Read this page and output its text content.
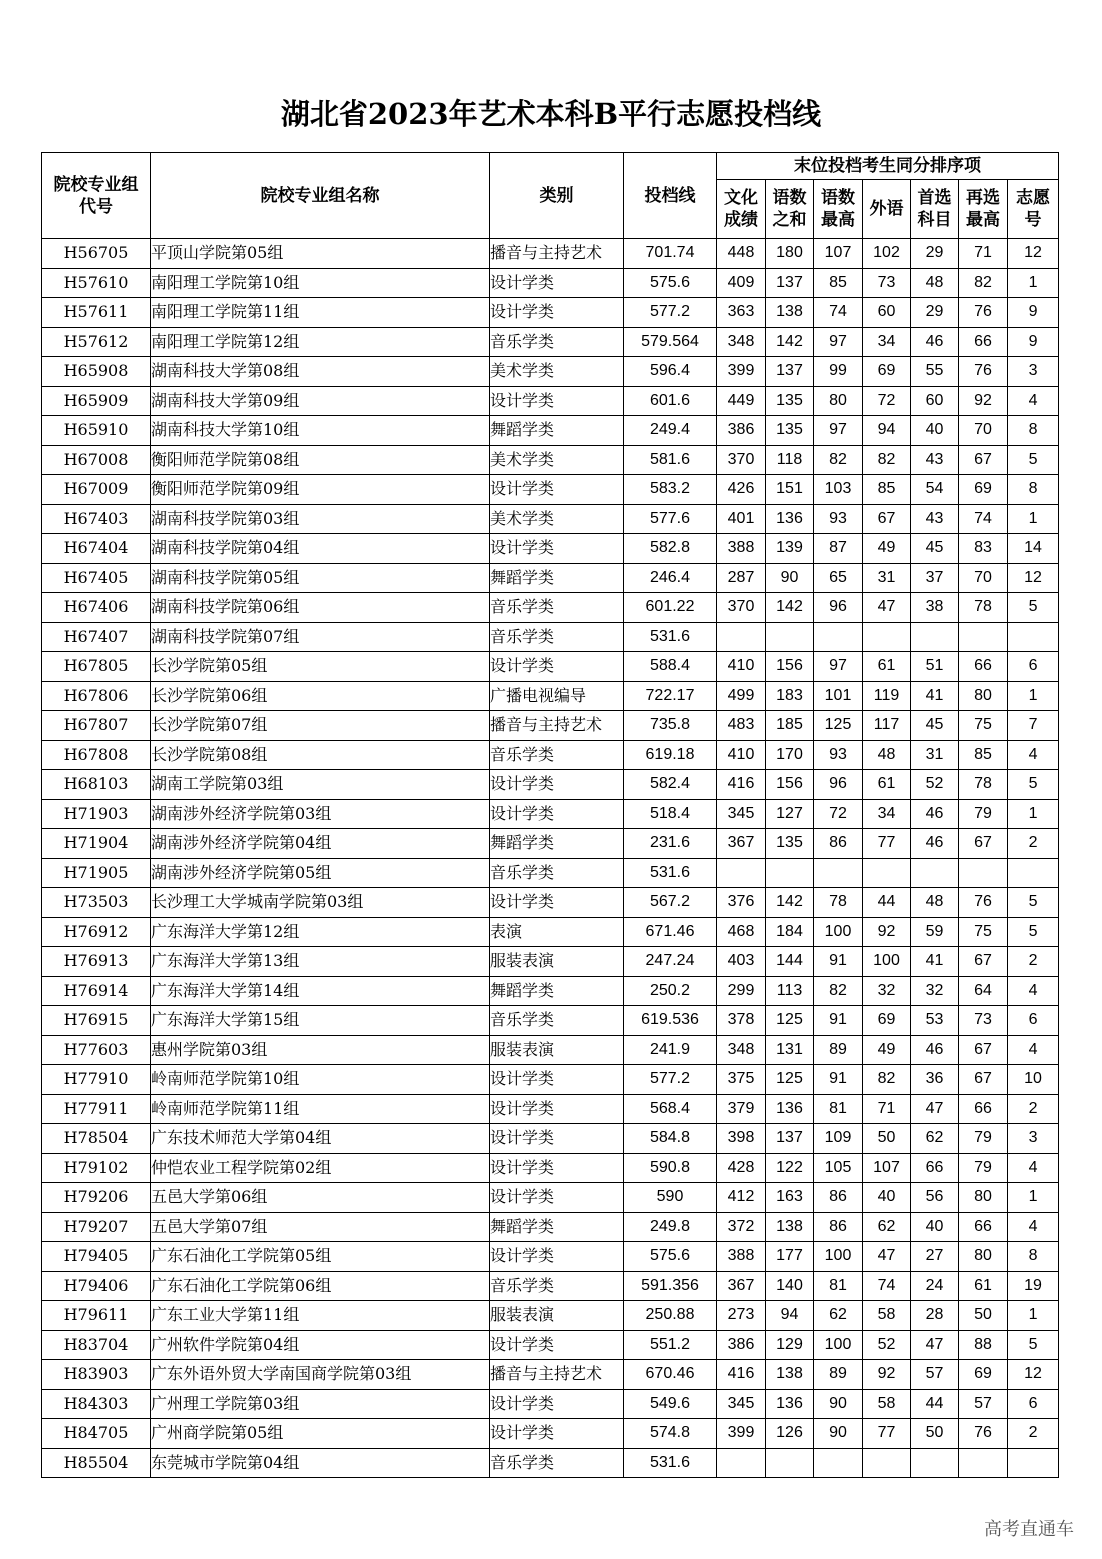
湖北省2023年艺术本科B平行志愿投档线
院校专业组代号	院校专业组名称	类别	投档线	末位投档考生同分排序项						
				文化成绩	语数之和	语数最高	外语	首选科目	再选最高	志愿号
H56705	平顶山学院第05组	播音与主持艺术	701.74	448	180	107	102	29	71	12
H57610	南阳理工学院第10组	设计学类	575.6	409	137	85	73	48	82	1
H57611	南阳理工学院第11组	设计学类	577.2	363	138	74	60	29	76	9
H57612	南阳理工学院第12组	音乐学类	579.564	348	142	97	34	46	66	9
H65908	湖南科技大学第08组	美术学类	596.4	399	137	99	69	55	76	3
H65909	湖南科技大学第09组	设计学类	601.6	449	135	80	72	60	92	4
H65910	湖南科技大学第10组	舞蹈学类	249.4	386	135	97	94	40	70	8
H67008	衡阳师范学院第08组	美术学类	581.6	370	118	82	82	43	67	5
H67009	衡阳师范学院第09组	设计学类	583.2	426	151	103	85	54	69	8
H67403	湖南科技学院第03组	美术学类	577.6	401	136	93	67	43	74	1
H67404	湖南科技学院第04组	设计学类	582.8	388	139	87	49	45	83	14
H67405	湖南科技学院第05组	舞蹈学类	246.4	287	90	65	31	37	70	12
H67406	湖南科技学院第06组	音乐学类	601.22	370	142	96	47	38	78	5
H67407	湖南科技学院第07组	音乐学类	531.6							
H67805	长沙学院第05组	设计学类	588.4	410	156	97	61	51	66	6
H67806	长沙学院第06组	广播电视编导	722.17	499	183	101	119	41	80	1
H67807	长沙学院第07组	播音与主持艺术	735.8	483	185	125	117	45	75	7
H67808	长沙学院第08组	音乐学类	619.18	410	170	93	48	31	85	4
H68103	湖南工学院第03组	设计学类	582.4	416	156	96	61	52	78	5
H71903	湖南涉外经济学院第03组	设计学类	518.4	345	127	72	34	46	79	1
H71904	湖南涉外经济学院第04组	舞蹈学类	231.6	367	135	86	77	46	67	2
H71905	湖南涉外经济学院第05组	音乐学类	531.6							
H73503	长沙理工大学城南学院第03组	设计学类	567.2	376	142	78	44	48	76	5
H76912	广东海洋大学第12组	表演	671.46	468	184	100	92	59	75	5
H76913	广东海洋大学第13组	服装表演	247.24	403	144	91	100	41	67	2
H76914	广东海洋大学第14组	舞蹈学类	250.2	299	113	82	32	32	64	4
H76915	广东海洋大学第15组	音乐学类	619.536	378	125	91	69	53	73	6
H77603	惠州学院第03组	服装表演	241.9	348	131	89	49	46	67	4
H77910	岭南师范学院第10组	设计学类	577.2	375	125	91	82	36	67	10
H77911	岭南师范学院第11组	设计学类	568.4	379	136	81	71	47	66	2
H78504	广东技术师范大学第04组	设计学类	584.8	398	137	109	50	62	79	3
H79102	仲恺农业工程学院第02组	设计学类	590.8	428	122	105	107	66	79	4
H79206	五邑大学第06组	设计学类	590	412	163	86	40	56	80	1
H79207	五邑大学第07组	舞蹈学类	249.8	372	138	86	62	40	66	4
H79405	广东石油化工学院第05组	设计学类	575.6	388	177	100	47	27	80	8
H79406	广东石油化工学院第06组	音乐学类	591.356	367	140	81	74	24	61	19
H79611	广东工业大学第11组	服装表演	250.88	273	94	62	58	28	50	1
H83704	广州软件学院第04组	设计学类	551.2	386	129	100	52	47	88	5
H83903	广东外语外贸大学南国商学院第03组	播音与主持艺术	670.46	416	138	89	92	57	69	12
H84303	广州理工学院第03组	设计学类	549.6	345	136	90	58	44	57	6
H84705	广州商学院第05组	设计学类	574.8	399	126	90	77	50	76	2
H85504	东莞城市学院第04组	音乐学类	531.6							
高考直通车
